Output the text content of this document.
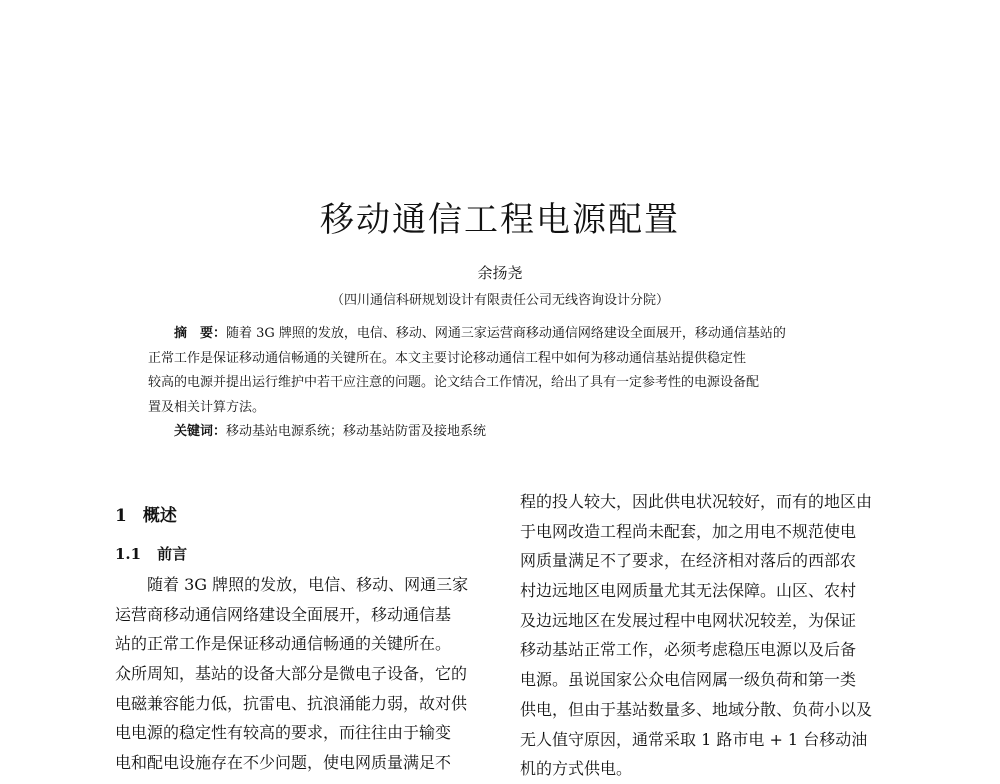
移动通信工程电源配置
余扬尧
（四川通信科研规划设计有限责任公司无线咨询设计分院）
摘　要：随着 3G 牌照的发放，电信、移动、网通三家运营商移动通信网络建设全面展开，移动通信基站的
正常工作是保证移动通信畅通的关键所在。本文主要讨论移动通信工程中如何为移动通信基站提供稳定性
较高的电源并提出运行维护中若干应注意的问题。论文结合工作情况，给出了具有一定参考性的电源设备配
置及相关计算方法。
关键词：移动基站电源系统；移动基站防雷及接地系统
1 概述
1.1 前言
随着 3G 牌照的发放，电信、移动、网通三家
运营商移动通信网络建设全面展开，移动通信基
站的正常工作是保证移动通信畅通的关键所在。
众所周知，基站的设备大部分是微电子设备，它的
电磁兼容能力低，抗雷电、抗浪涌能力弱，故对供
电电源的稳定性有较高的要求，而往往由于输变
电和配电设施存在不少问题，使电网质量满足不
程的投人较大，因此供电状况较好，而有的地区由
于电网改造工程尚未配套，加之用电不规范使电
网质量满足不了要求，在经济相对落后的西部农
村边远地区电网质量尤其无法保障。山区、农村
及边远地区在发展过程中电网状况较差，为保证
移动基站正常工作，必须考虑稳压电源以及后备
电源。虽说国家公众电信网属一级负荷和第一类
供电，但由于基站数量多、地域分散、负荷小以及
无人值守原因，通常采取 1 路市电 + 1 台移动油
机的方式供电。
